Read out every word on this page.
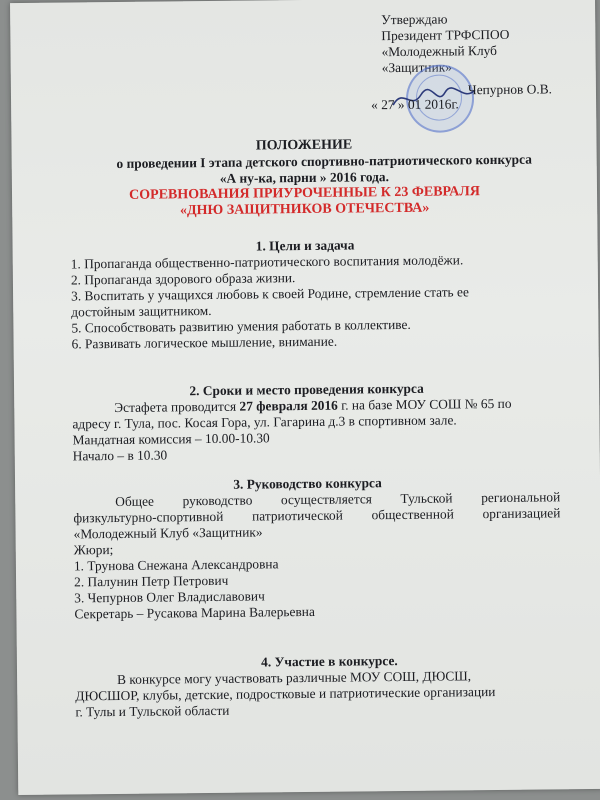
Утверждаю
Президент ТРФСПОО
«Молодежный Клуб
«Защитник»
Чепурнов О.В.
« 27 » 01 2016г.
ПОЛОЖЕНИЕ
о проведении I этапа детского спортивно-патриотического конкурса
«А ну-ка, парни » 2016 года.
СОРЕВНОВАНИЯ ПРИУРОЧЕННЫЕ К 23 ФЕВРАЛЯ
«ДНЮ ЗАЩИТНИКОВ ОТЕЧЕСТВА»
1. Цели и задача
1. Пропаганда общественно-патриотического воспитания молодёжи.
2. Пропаганда здорового образа жизни.
3. Воспитать у учащихся любовь к своей Родине, стремление стать ее
достойным защитником.
5. Способствовать развитию умения работать в коллективе.
6. Развивать логическое мышление, внимание.
2. Сроки и место проведения конкурса
Эстафета проводится 27 февраля 2016 г. на базе МОУ СОШ № 65 по
адресу г. Тула, пос. Косая Гора, ул. Гагарина д.3 в спортивном зале.
Мандатная комиссия – 10.00-10.30
Начало – в 10.30
3. Руководство конкурса
Общее руководство осуществляется Тульской региональной
физкультурно-спортивной патриотической общественной организацией
«Молодежный Клуб «Защитник»
Жюри;
1. Трунова Снежана Александровна
2. Палунин Петр Петрович
3. Чепурнов Олег Владиславович
Секретарь – Русакова Марина Валерьевна
4. Участие в конкурсе.
В конкурсе могу участвовать различные МОУ СОШ, ДЮСШ,
ДЮСШОР, клубы, детские, подростковые и патриотические организации
г. Тулы и Тульской области
